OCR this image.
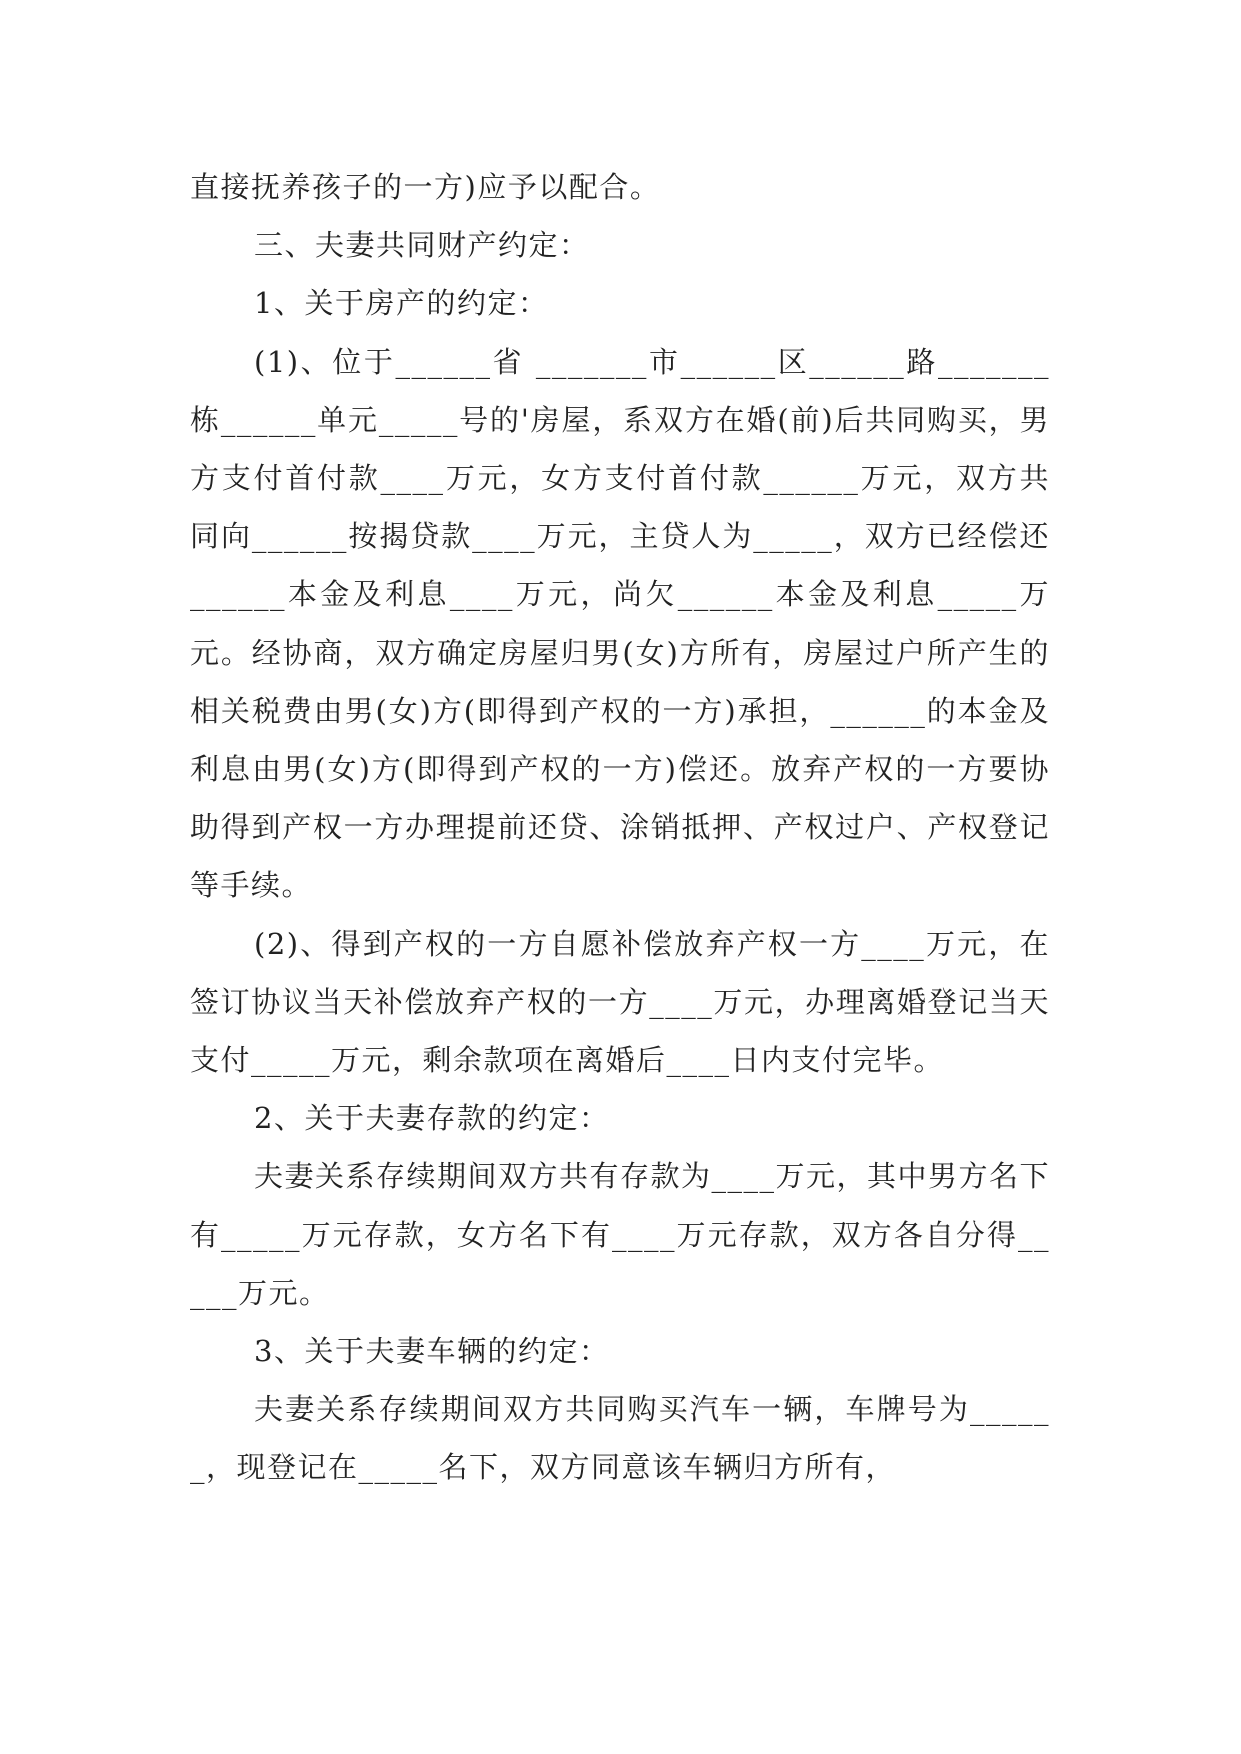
直接抚养孩子的一方)应予以配合。

三、夫妻共同财产约定：

1、关于房产的约定：

(1)、位于______省 _______市______区______路_______栋______单元_____号的'房屋，系双方在婚(前)后共同购买，男方支付首付款____万元，女方支付首付款______万元，双方共同向______按揭贷款____万元，主贷人为_____，双方已经偿还______本金及利息____万元，尚欠______本金及利息_____万元。经协商，双方确定房屋归男(女)方所有，房屋过户所产生的相关税费由男(女)方(即得到产权的一方)承担，______的本金及利息由男(女)方(即得到产权的一方)偿还。放弃产权的一方要协助得到产权一方办理提前还贷、涂销抵押、产权过户、产权登记等手续。

(2)、得到产权的一方自愿补偿放弃产权一方____万元，在签订协议当天补偿放弃产权的一方____万元，办理离婚登记当天支付_____万元，剩余款项在离婚后____日内支付完毕。

2、关于夫妻存款的约定：

夫妻关系存续期间双方共有存款为____万元，其中男方名下有_____万元存款，女方名下有____万元存款，双方各自分得_____万元。

3、关于夫妻车辆的约定：

夫妻关系存续期间双方共同购买汽车一辆，车牌号为______，现登记在_____名下，双方同意该车辆归方所有，
